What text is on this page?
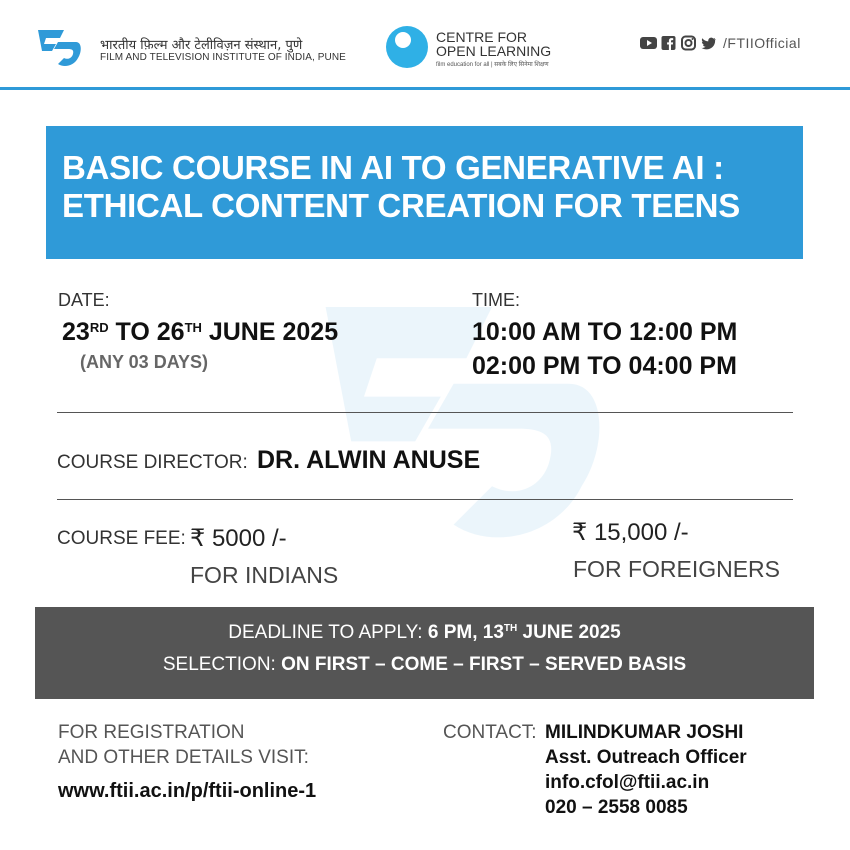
भारतीय फ़िल्म और टेलीविज़न संस्थान, पुणे
FILM AND TELEVISION INSTITUTE OF INDIA, PUNE
CENTRE FOR
OPEN LEARNING
film education for all | सबके लिए सिनेमा शिक्षण
/FTIIOfficial
BASIC COURSE IN AI TO GENERATIVE AI : ETHICAL CONTENT CREATION FOR TEENS
DATE:
23RD TO 26TH JUNE 2025
(ANY 03 DAYS)
TIME:
10:00 AM TO 12:00 PM
02:00 PM TO 04:00 PM
COURSE DIRECTOR: DR. ALWIN ANUSE
COURSE FEE: ₹ 5000 /-
FOR INDIANS
₹ 15,000 /-
FOR FOREIGNERS
DEADLINE TO APPLY: 6 PM, 13TH JUNE 2025
SELECTION: ON FIRST – COME – FIRST – SERVED BASIS
FOR REGISTRATION
AND OTHER DETAILS VISIT:
www.ftii.ac.in/p/ftii-online-1
CONTACT: MILINDKUMAR JOSHI
Asst. Outreach Officer
info.cfol@ftii.ac.in
020 – 2558 0085
